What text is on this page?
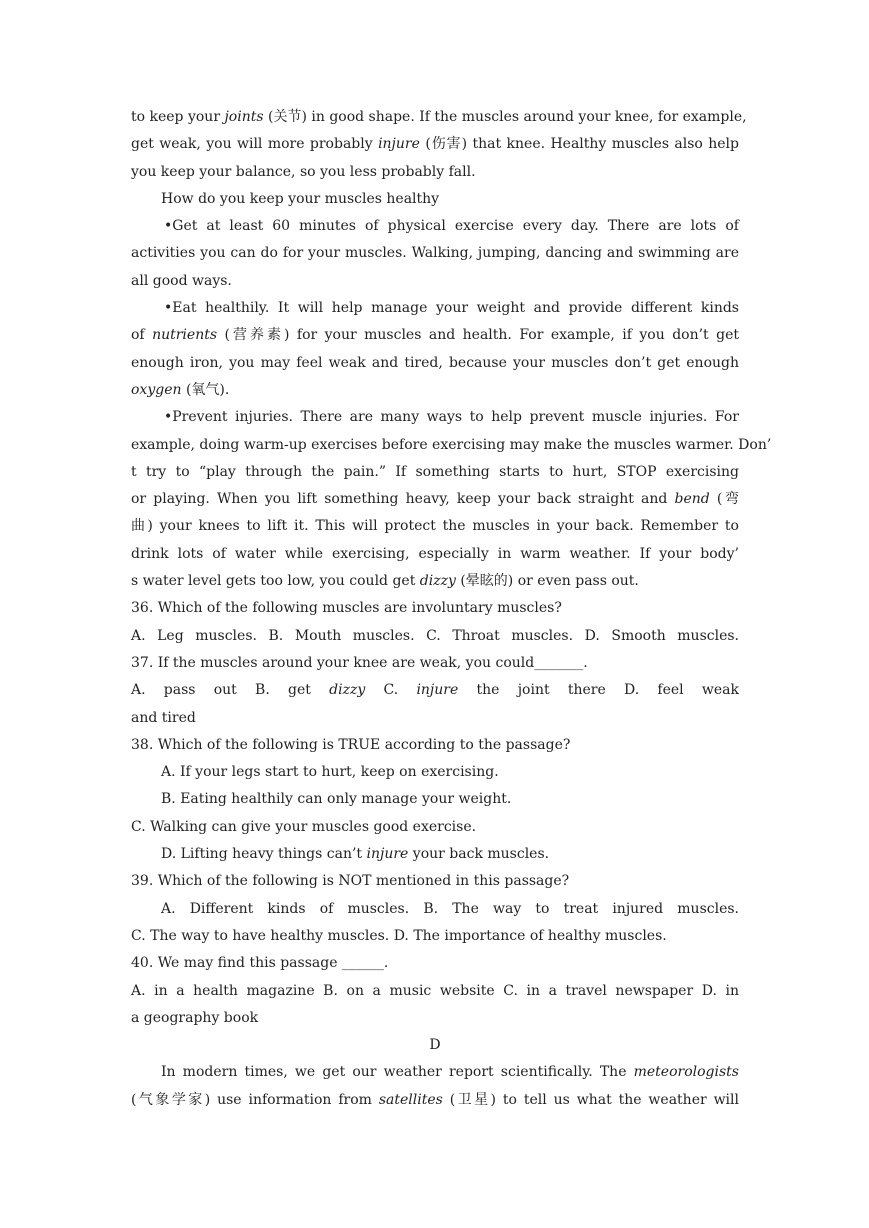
to keep your joints (关节) in good shape. If the muscles around your knee, for example,
get weak, you will more probably injure (伤害) that knee. Healthy muscles also help
you keep your balance, so you less probably fall.
How do you keep your muscles healthy
•Get at least 60 minutes of physical exercise every day. There are lots of
activities you can do for your muscles. Walking, jumping, dancing and swimming are
all good ways.
•Eat healthily. It will help manage your weight and provide different kinds
of nutrients (营养素) for your muscles and health. For example, if you don’t get
enough iron, you may feel weak and tired, because your muscles don’t get enough
oxygen (氧气).
•Prevent injuries. There are many ways to help prevent muscle injuries. For
example, doing warm-up exercises before exercising may make the muscles warmer. Don’
t try to “play through the pain.” If something starts to hurt, STOP exercising
or playing. When you lift something heavy, keep your back straight and bend (弯
曲) your knees to lift it. This will protect the muscles in your back. Remember to
drink lots of water while exercising, especially in warm weather. If your body’
s water level gets too low, you could get dizzy (晕眩的) or even pass out.
36. Which of the following muscles are involuntary muscles?
A. Leg muscles. B. Mouth muscles. C. Throat muscles. D. Smooth muscles.
37. If the muscles around your knee are weak, you could_______.
A. pass out B. get dizzy C. injure the joint there D. feel weak
and tired
38. Which of the following is TRUE according to the passage?
A. If your legs start to hurt, keep on exercising.
B. Eating healthily can only manage your weight.
C. Walking can give your muscles good exercise.
D. Lifting heavy things can’t injure your back muscles.
39. Which of the following is NOT mentioned in this passage?
A. Different kinds of muscles. B. The way to treat injured muscles.
C. The way to have healthy muscles. D. The importance of healthy muscles.
40. We may find this passage ______.
A. in a health magazine B. on a music website C. in a travel newspaper D. in
a geography book
D
In modern times, we get our weather report scientifically. The meteorologists
(气象学家) use information from satellites (卫星) to tell us what the weather will
